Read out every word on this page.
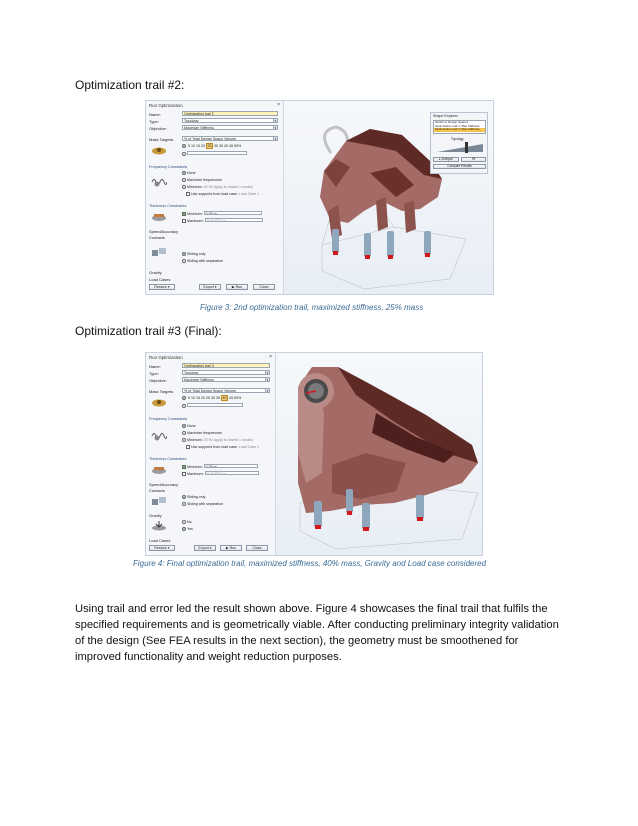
Optimization trail #2:
Run Optimization	×
Name:	Optimization trail 2
Type:	Topology	▾
Objective:	Maximize Stiffness	▾
Mass Targets:	% of Total Design Space Volume	▾
5 10 15 20 25 30 35 40 45 50%
Frequency Constraints
None
Maximize frequencies
Minimum: 20 Hz Apply to lowest 1 modes
Use supports from load case: Load Case 1
Thickness Constraints
Minimum: 0.05 m
Maximum: 0.012077 m
Speed/Accuracy
Contacts
Sliding only
Sliding with separation
Gravity
Load Cases
Restore ▾	Export ▾	▶ Run	Close
Shape Explorer
Switch to Design Spaces
Optimization trail 1: Max Stiffness
Optimization trail 2: Max Stiffness
Topology
▸ Analyze	Fit
Compare Results
Figure 3: 2nd optimization trail, maximized stiffness, 25% mass
Optimization trail #3 (Final):
Run Optimization	×
Name:	Optimization trail 3
Type:	Topology	▾
Objective:	Maximize Stiffness	▾
Mass Targets:	% of Total Design Space Volume	▾
5 10 15 20 25 30 35 40 45 50%
Frequency Constraints
None
Maximize frequencies
Minimum: 20 Hz Apply to lowest 1 modes
Use supports from load case: Load Case 1
Thickness Constraints
Minimum: 0.05 m
Maximum: 0.012077 m
Speed/Accuracy
Contacts
Sliding only
Sliding with separation
Gravity
No
Yes
Load Cases
Restore ▾	Export ▾	▶ Run	Close
Figure 4: Final optimization trail, maximized stiffness, 40% mass, Gravity and Load case considered
Using trail and error led the result shown above. Figure 4 showcases the final trail that fulfils the specified requirements and is geometrically viable. After conducting preliminary integrity validation of the design (See FEA results in the next section), the geometry must be smoothened for improved functionality and weight reduction purposes.
